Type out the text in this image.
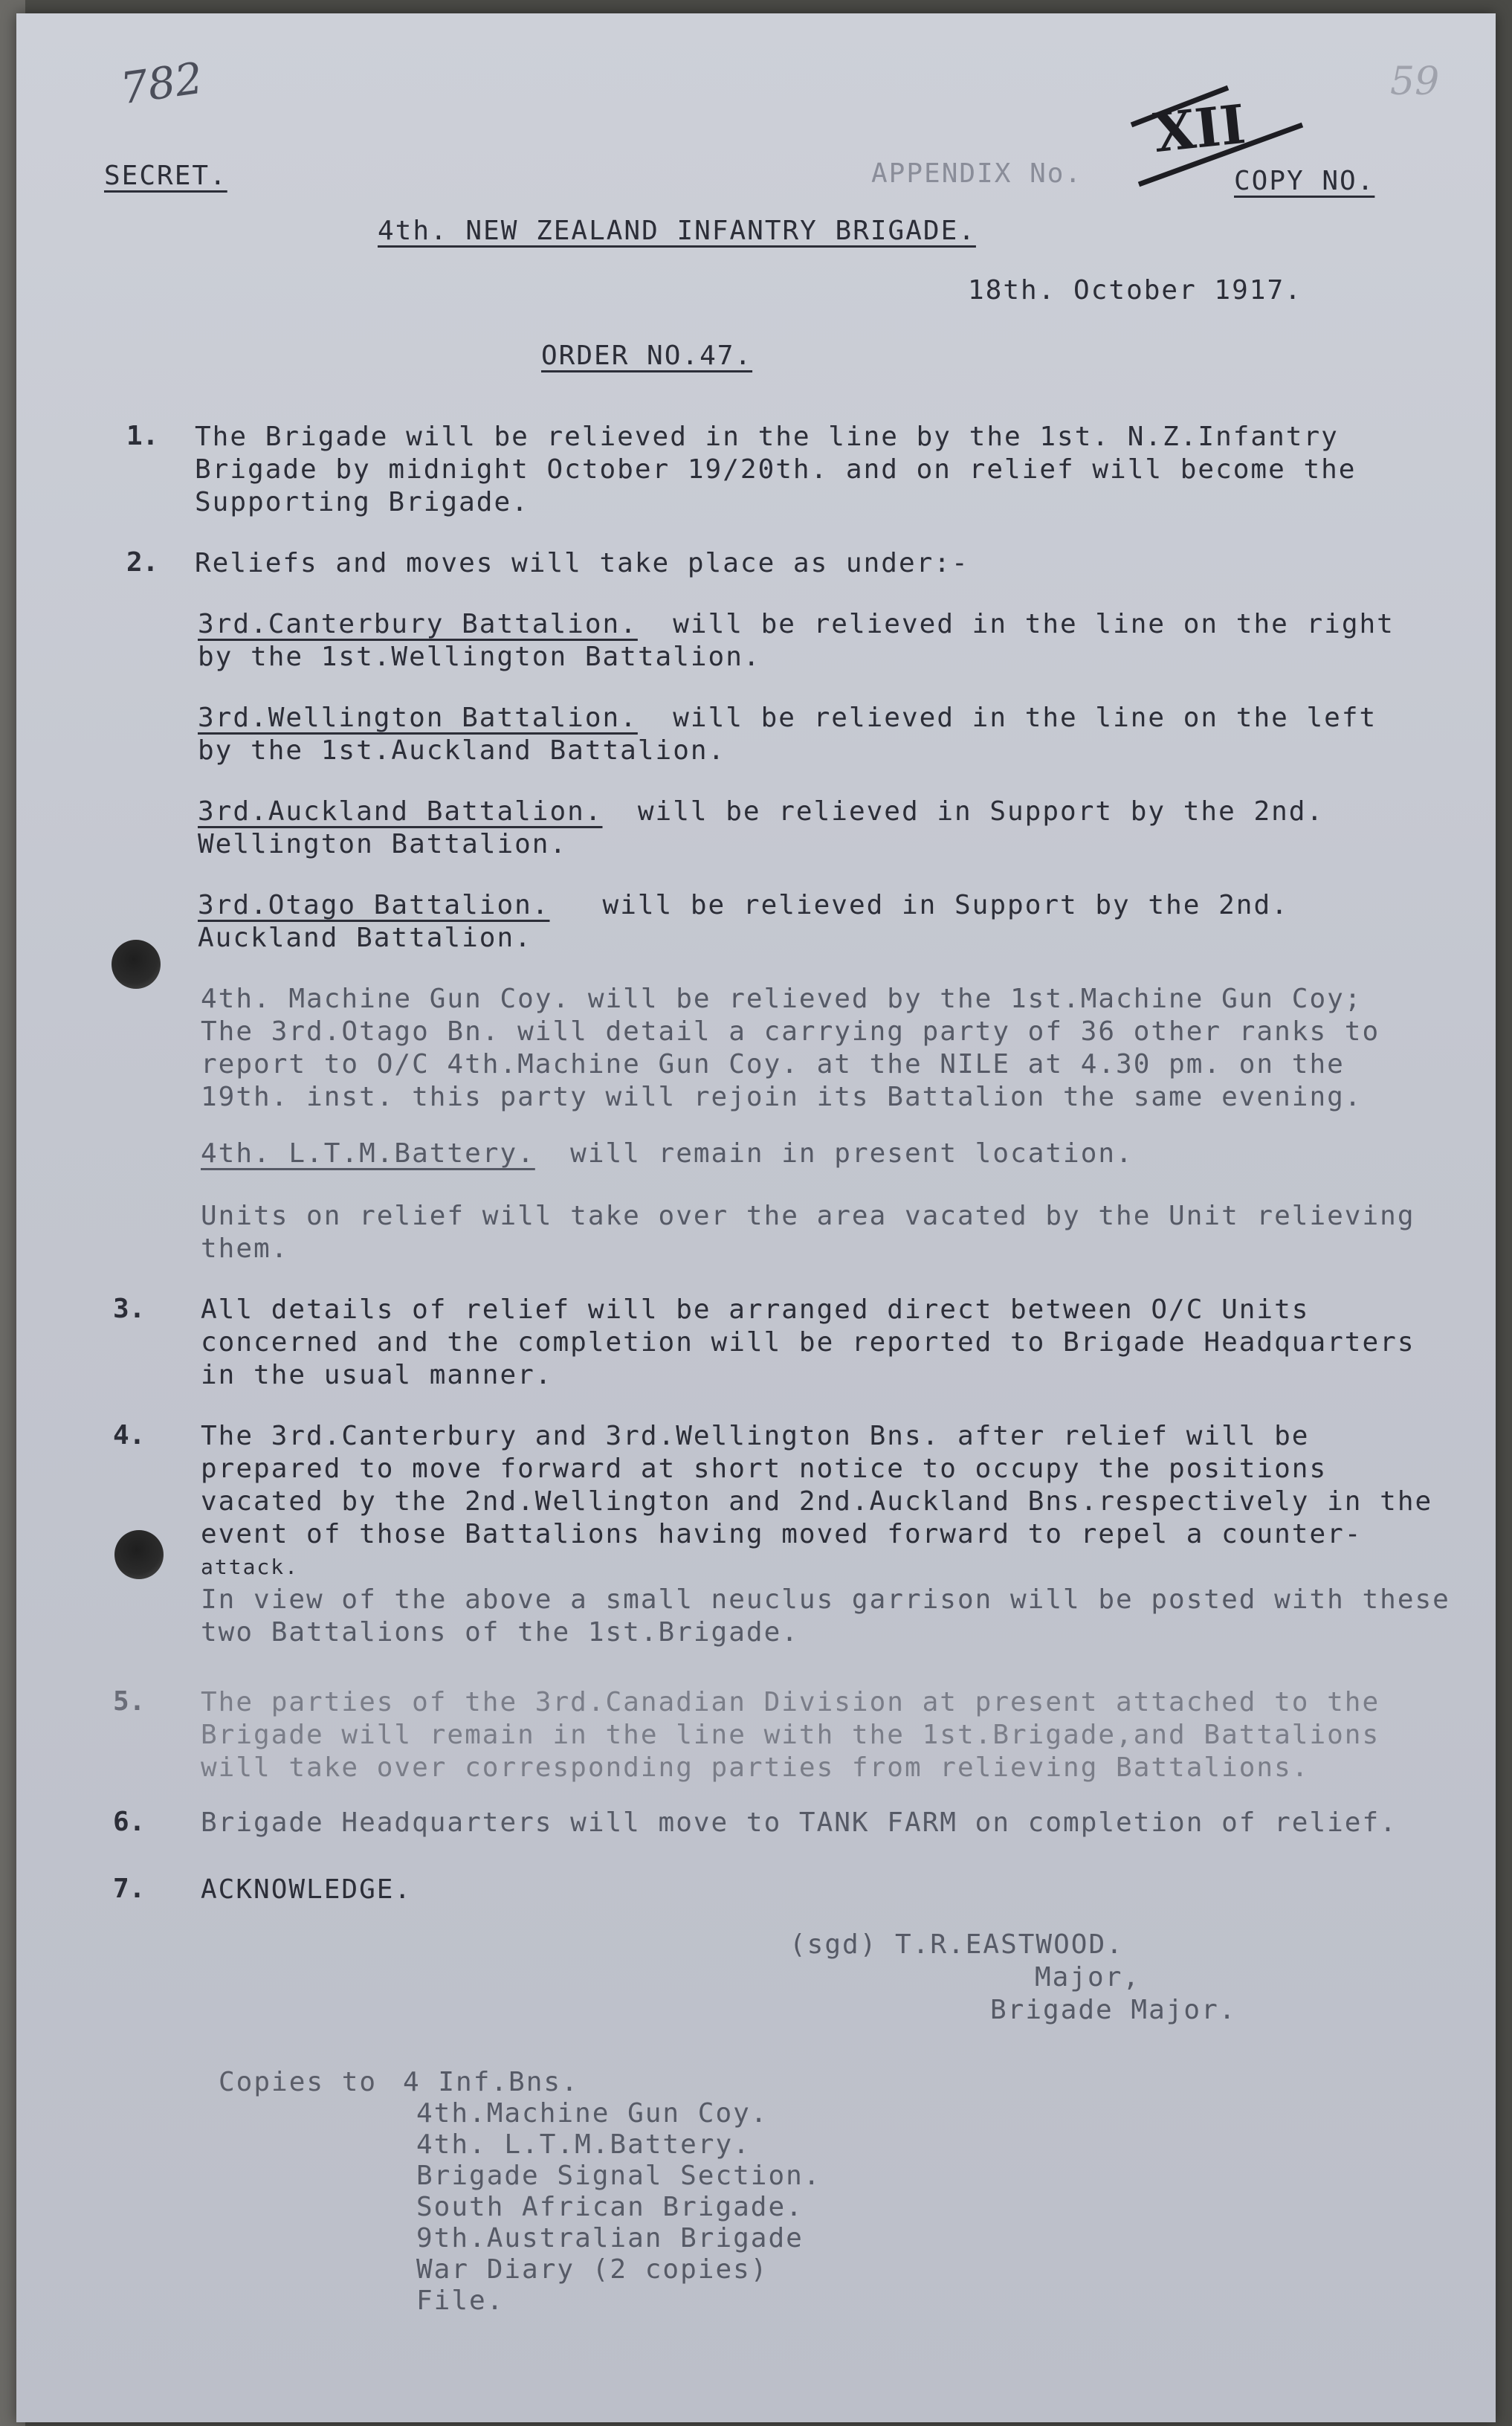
782	59
APPENDIX No.
XII
SECRET.	COPY NO.
4th. NEW ZEALAND INFANTRY BRIGADE.
18th. October 1917.
ORDER NO.47.
1. The Brigade will be relieved in the line by the 1st. N.Z.Infantry
Brigade by midnight October 19/20th. and on relief will become the
Supporting Brigade.
2. Reliefs and moves will take place as under:-
3rd.Canterbury Battalion. will be relieved in the line on the right
by the 1st.Wellington Battalion.
3rd.Wellington Battalion. will be relieved in the line on the left
by the 1st.Auckland Battalion.
3rd.Auckland Battalion. will be relieved in Support by the 2nd.
Wellington Battalion.
3rd.Otago Battalion. will be relieved in Support by the 2nd.
Auckland Battalion.
4th. Machine Gun Coy. will be relieved by the 1st.Machine Gun Coy;
The 3rd.Otago Bn. will detail a carrying party of 36 other ranks to
report to O/C 4th.Machine Gun Coy. at the NILE at 4.30 pm. on the
19th. inst. this party will rejoin its Battalion the same evening.
4th. L.T.M.Battery. will remain in present location.
Units on relief will take over the area vacated by the Unit relieving
them.
3. All details of relief will be arranged direct between O/C Units
concerned and the completion will be reported to Brigade Headquarters
in the usual manner.
4. The 3rd.Canterbury and 3rd.Wellington Bns. after relief will be
prepared to move forward at short notice to occupy the positions
vacated by the 2nd.Wellington and 2nd.Auckland Bns.respectively in the
event of those Battalions having moved forward to repel a counter-
attack.
In view of the above a small neuclus garrison will be posted with these
two Battalions of the 1st.Brigade.
5. The parties of the 3rd.Canadian Division at present attached to the
Brigade will remain in the line with the 1st.Brigade,and Battalions
will take over corresponding parties from relieving Battalions.
6. Brigade Headquarters will move to TANK FARM on completion of relief.
7. ACKNOWLEDGE.
(sgd) T.R.EASTWOOD.
Major,
Brigade Major.
Copies to 4 Inf.Bns.
4th.Machine Gun Coy.
4th. L.T.M.Battery.
Brigade Signal Section.
South African Brigade.
9th.Australian Brigade
War Diary (2 copies)
File.
